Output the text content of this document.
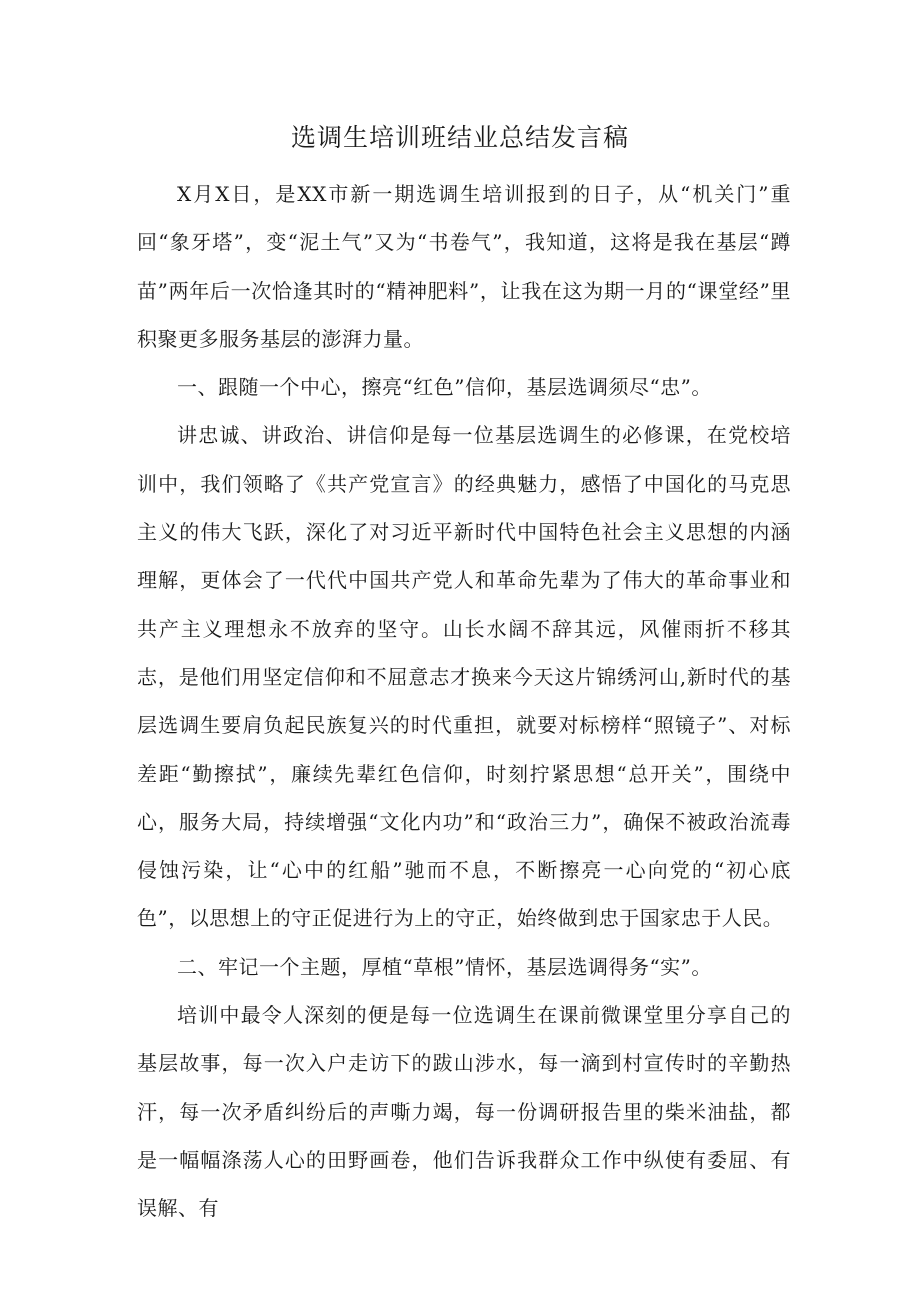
选调生培训班结业总结发言稿

X月X日，是XX市新一期选调生培训报到的日子，从“机关门”重回“象牙塔”，变“泥土气”又为“书卷气”，我知道，这将是我在基层“蹲苗”两年后一次恰逢其时的“精神肥料”，让我在这为期一月的“课堂经”里积聚更多服务基层的澎湃力量。

一、跟随一个中心，擦亮“红色”信仰，基层选调须尽“忠”。

讲忠诚、讲政治、讲信仰是每一位基层选调生的必修课，在党校培训中，我们领略了《共产党宣言》的经典魅力，感悟了中国化的马克思主义的伟大飞跃，深化了对习近平新时代中国特色社会主义思想的内涵理解，更体会了一代代中国共产党人和革命先辈为了伟大的革命事业和共产主义理想永不放弃的坚守。山长水阔不辞其远，风催雨折不移其志，是他们用坚定信仰和不屈意志才换来今天这片锦绣河山,新时代的基层选调生要肩负起民族复兴的时代重担，就要对标榜样“照镜子”、对标差距“勤擦拭”，廉续先辈红色信仰，时刻拧紧思想“总开关”，围绕中心，服务大局，持续增强“文化内功”和“政治三力”，确保不被政治流毒侵蚀污染，让“心中的红船”驰而不息，不断擦亮一心向党的“初心底色”，以思想上的守正促进行为上的守正，始终做到忠于国家忠于人民。

二、牢记一个主题，厚植“草根”情怀，基层选调得务“实”。

培训中最令人深刻的便是每一位选调生在课前微课堂里分享自己的基层故事，每一次入户走访下的跋山涉水，每一滴到村宣传时的辛勤热汗，每一次矛盾纠纷后的声嘶力竭，每一份调研报告里的柴米油盐，都是一幅幅涤荡人心的田野画卷，他们告诉我群众工作中纵使有委屈、有误解、有
